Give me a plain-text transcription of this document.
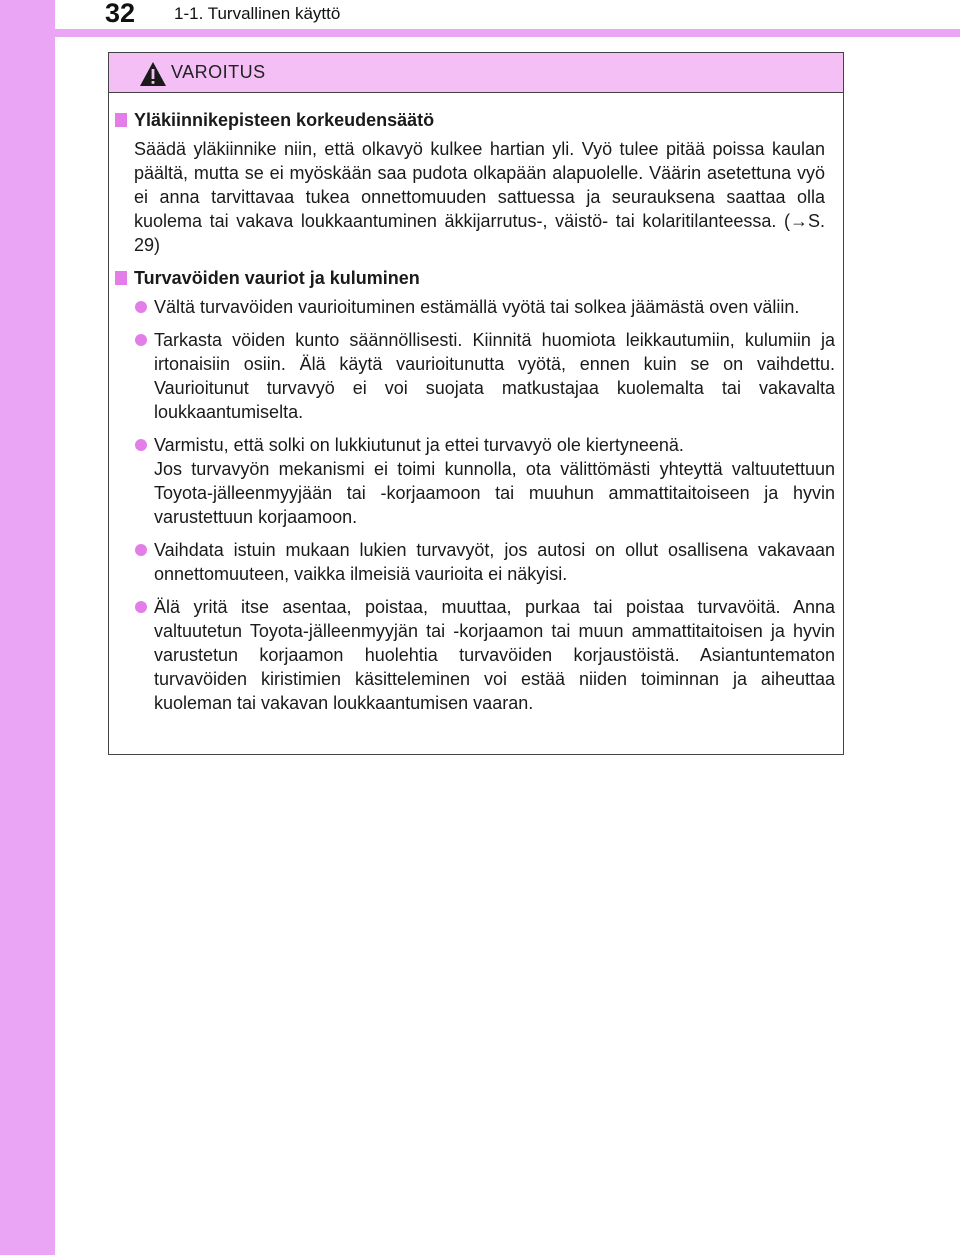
32 1-1. Turvallinen käyttö
VAROITUS
Yläkiinnikepisteen korkeudensäätö
Säädä yläkiinnike niin, että olkavyö kulkee hartian yli. Vyö tulee pitää poissa kaulan päältä, mutta se ei myöskään saa pudota olkapään alapuolelle. Väärin asetettuna vyö ei anna tarvittavaa tukea onnettomuuden sattuessa ja seurauksena saattaa olla kuolema tai vakava loukkaantuminen äkkijarrutus-, väistö- tai kolaritilanteessa. (→S. 29)
Turvavöiden vauriot ja kuluminen
Vältä turvavöiden vaurioituminen estämällä vyötä tai solkea jäämästä oven väliin.
Tarkasta vöiden kunto säännöllisesti. Kiinnitä huomiota leikkautumiin, kulumiin ja irtonaisiin osiin. Älä käytä vaurioitunutta vyötä, ennen kuin se on vaihdettu. Vaurioitunut turvavyö ei voi suojata matkustajaa kuolemalta tai vakavalta loukkaantumiselta.
Varmistu, että solki on lukkiutunut ja ettei turvavyö ole kiertyneenä.
Jos turvavyön mekanismi ei toimi kunnolla, ota välittömästi yhteyttä valtuutettuun Toyota-jälleenmyyjään tai -korjaamoon tai muuhun ammattitaitoiseen ja hyvin varustettuun korjaamoon.
Vaihdata istuin mukaan lukien turvavyöt, jos autosi on ollut osallisena vakavaan onnettomuuteen, vaikka ilmeisiä vaurioita ei näkyisi.
Älä yritä itse asentaa, poistaa, muuttaa, purkaa tai poistaa turvavöitä. Anna valtuutetun Toyota-jälleenmyyjän tai -korjaamon tai muun ammattitaitoisen ja hyvin varustetun korjaamon huolehtia turvavöiden korjaustöistä. Asiantuntematon turvavöiden kiristimien käsitteleminen voi estää niiden toiminnan ja aiheuttaa kuoleman tai vakavan loukkaantumisen vaaran.
